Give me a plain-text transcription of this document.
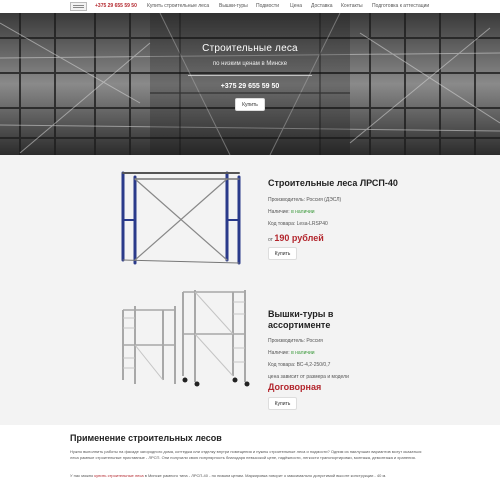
+375 29 655 59 50 Купить строительные леса Вышки-туры Подмости Цена Доставка Контакты Подготовка к аттестации
Строительные леса
по низким ценам в Минске
+375 29 655 59 50
Купить
Строительные леса ЛРСП-40
Производитель: Россия (ДЭСЛ)
Наличие: в наличии
Код товара: Lesa-LRSP40
от 190 рублей
Купить
Вышки-туры в
ассортименте
Производитель: Россия
Наличие: в наличии
Код товара: ВС-4,2-250/0,7
цена зависит от размера и модели
Договорная
Купить
Применение строительных лесов
Нужно выполнить работы на фасаде загородного дома, коттеджа или отделку внутри помещения и нужны строительные леса и подмости? Одним из наилучших вариантов могут оказаться леса рамные строительные приставные - ЛРСП. Они получили свою популярность благодаря невысокой цене, надёжности, легкости транспортировки, монтажа, демонтажа и хранения.
У нас можно купить строительные леса в Минске рамного типа - ЛРСП-40 - по низким ценам. Маркировка говорит о максимально допустимой высоте конструкции - 40 м.
